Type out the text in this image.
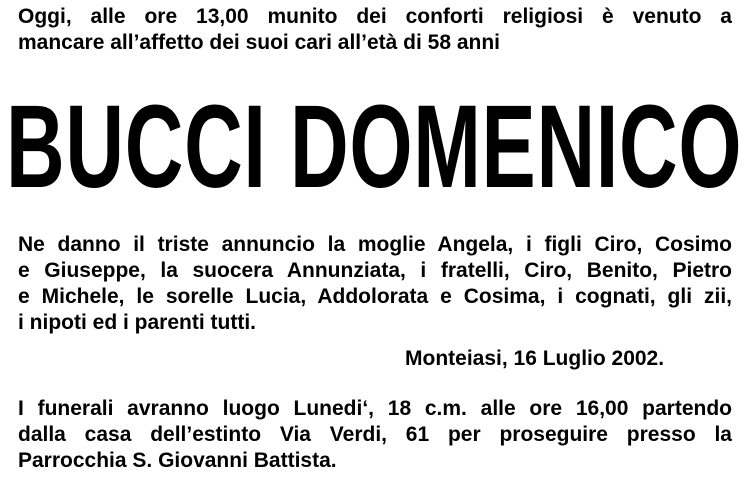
Oggi, alle ore 13,00 munito dei conforti religiosi è venuto a
mancare all’affetto dei suoi cari all’età di 58 anni
BUCCI DOMENICO
Ne danno il triste annuncio la moglie Angela, i figli Ciro, Cosimo
e Giuseppe, la suocera Annunziata, i fratelli, Ciro, Benito, Pietro
e Michele, le sorelle Lucia, Addolorata e Cosima, i cognati, gli zii,
i nipoti ed i parenti tutti.
Monteiasi, 16 Luglio 2002.
I funerali avranno luogo Lunedi‘, 18 c.m. alle ore 16,00 partendo
dalla casa dell’estinto Via Verdi, 61 per proseguire presso la
Parrocchia S. Giovanni Battista.
